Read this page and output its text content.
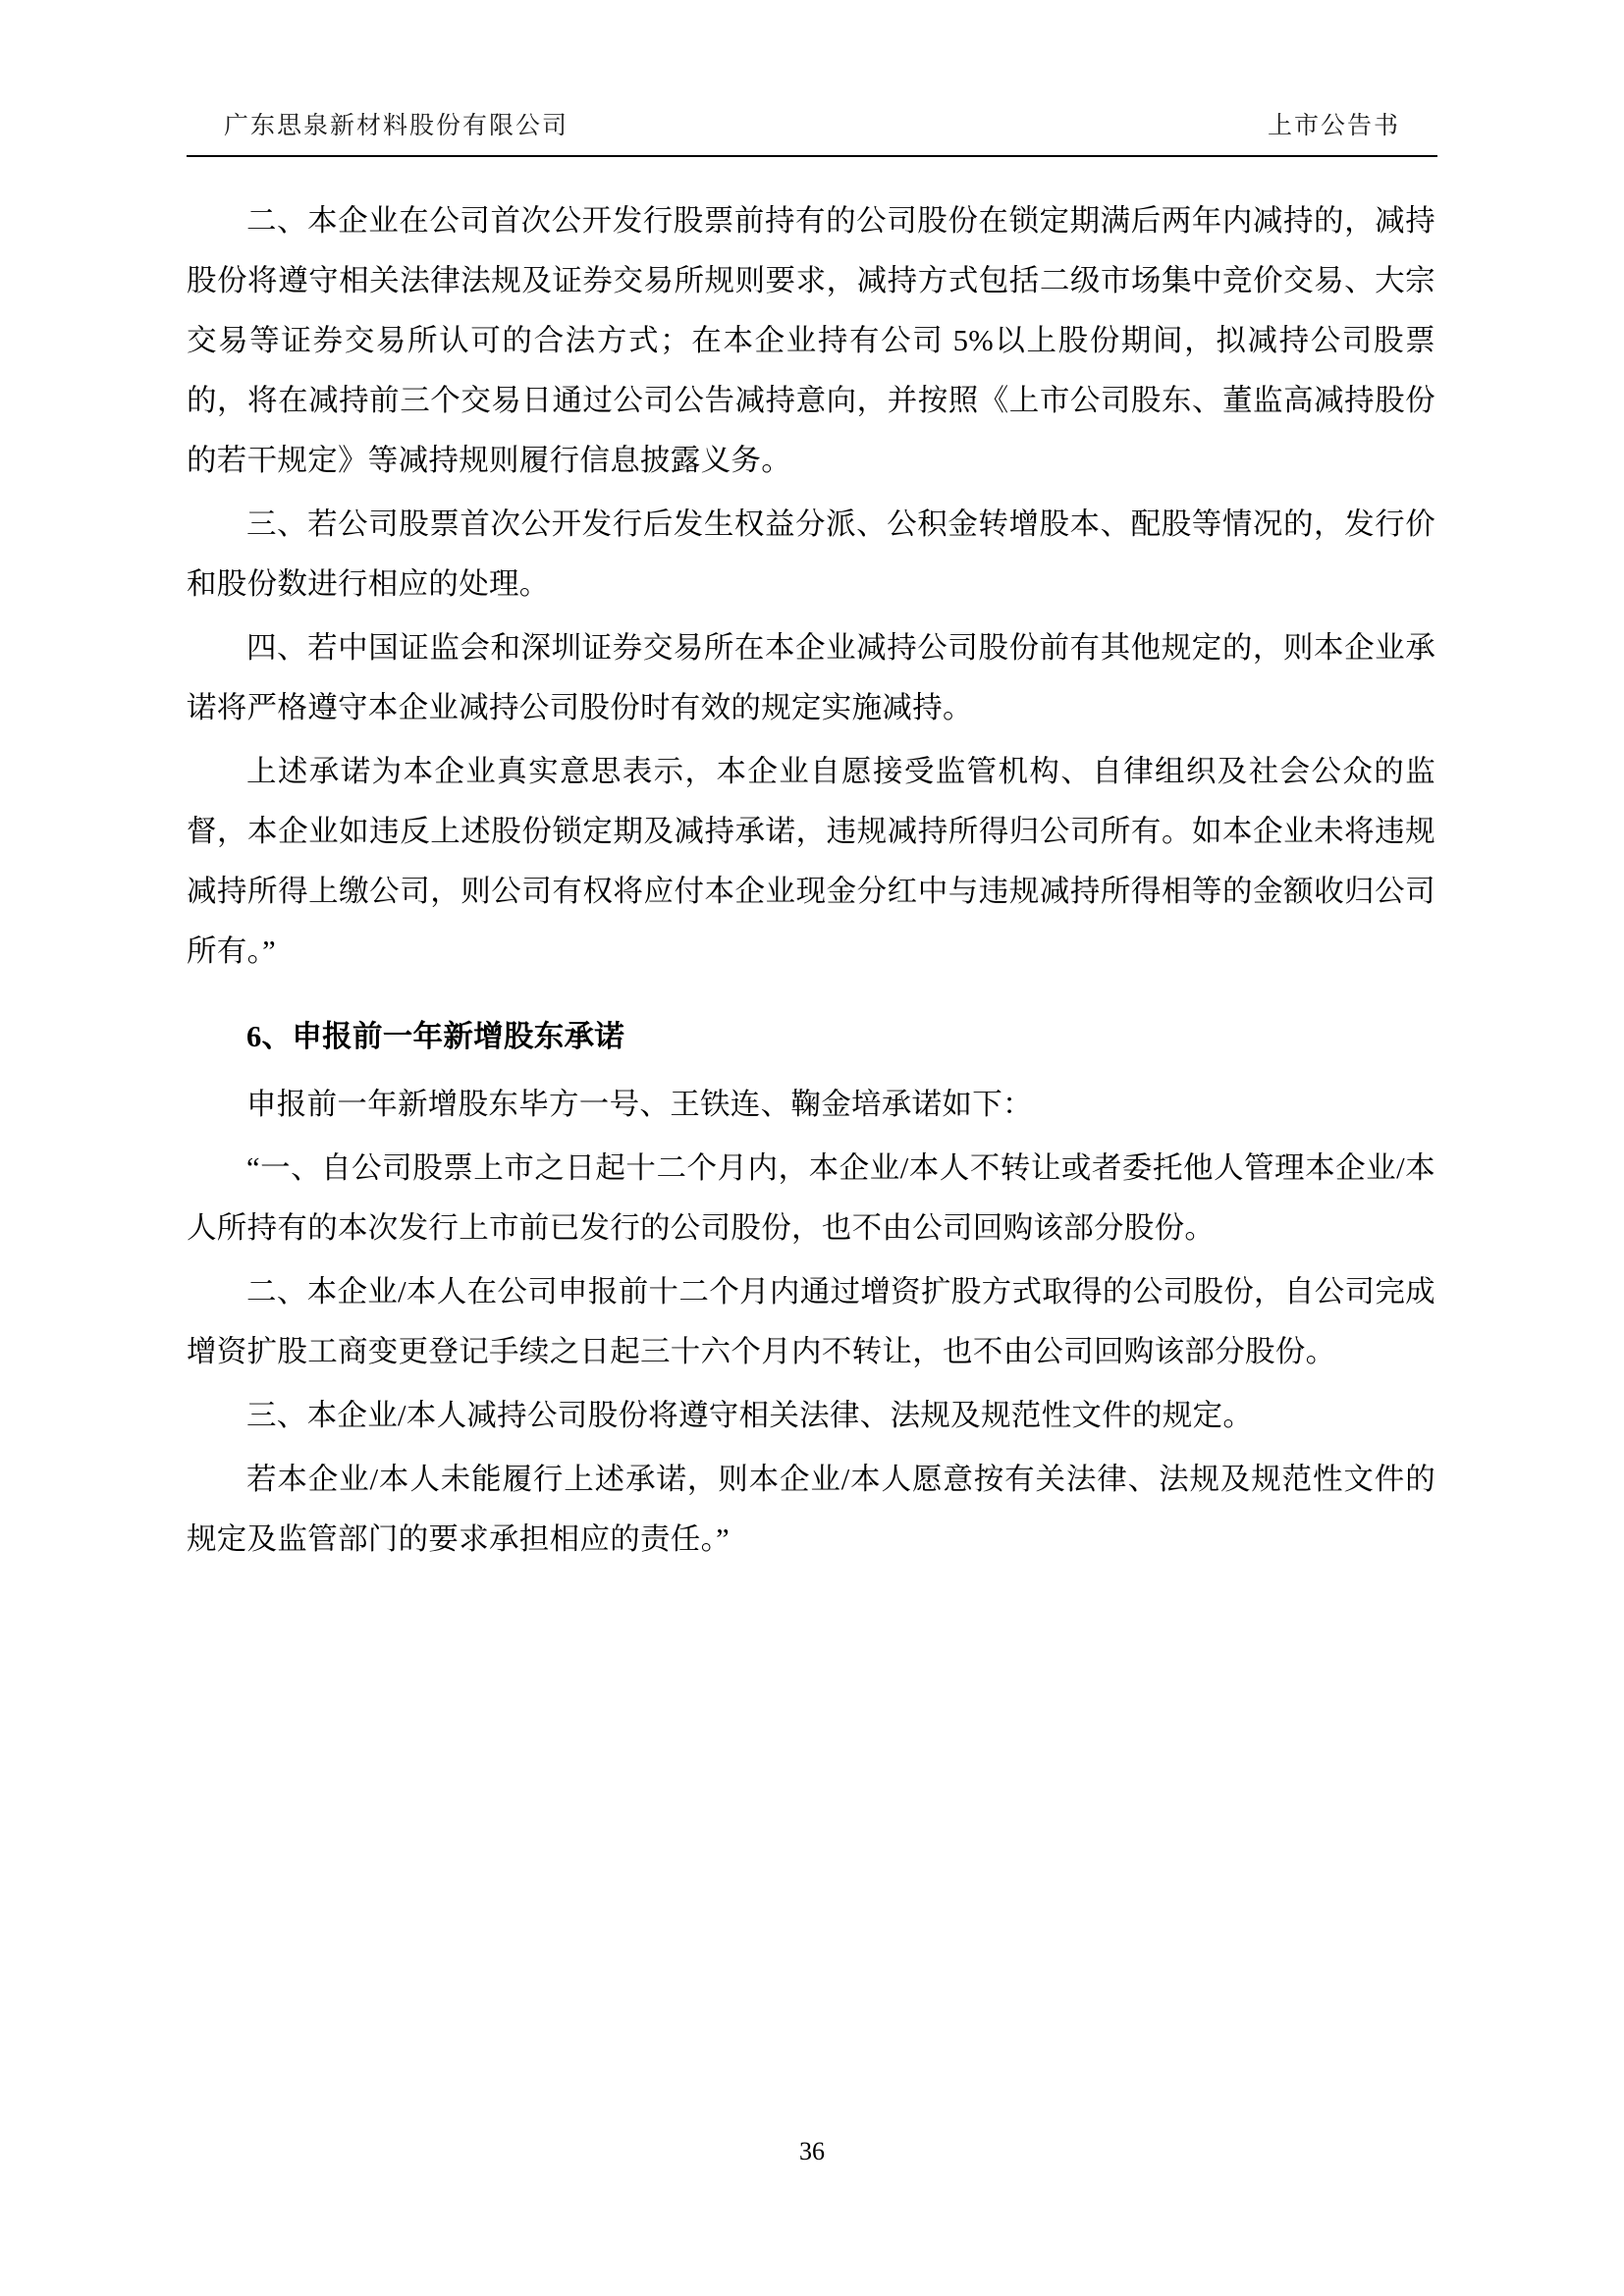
广东思泉新材料股份有限公司	上市公告书

二、本企业在公司首次公开发行股票前持有的公司股份在锁定期满后两年内减持的，减持股份将遵守相关法律法规及证券交易所规则要求，减持方式包括二级市场集中竞价交易、大宗交易等证券交易所认可的合法方式；在本企业持有公司 5%以上股份期间，拟减持公司股票的，将在减持前三个交易日通过公司公告减持意向，并按照《上市公司股东、董监高减持股份的若干规定》等减持规则履行信息披露义务。

三、若公司股票首次公开发行后发生权益分派、公积金转增股本、配股等情况的，发行价和股份数进行相应的处理。

四、若中国证监会和深圳证券交易所在本企业减持公司股份前有其他规定的，则本企业承诺将严格遵守本企业减持公司股份时有效的规定实施减持。

上述承诺为本企业真实意思表示，本企业自愿接受监管机构、自律组织及社会公众的监督，本企业如违反上述股份锁定期及减持承诺，违规减持所得归公司所有。如本企业未将违规减持所得上缴公司，则公司有权将应付本企业现金分红中与违规减持所得相等的金额收归公司所有。”

6、申报前一年新增股东承诺

申报前一年新增股东毕方一号、王铁连、鞠金培承诺如下：

“一、自公司股票上市之日起十二个月内，本企业/本人不转让或者委托他人管理本企业/本人所持有的本次发行上市前已发行的公司股份，也不由公司回购该部分股份。

二、本企业/本人在公司申报前十二个月内通过增资扩股方式取得的公司股份，自公司完成增资扩股工商变更登记手续之日起三十六个月内不转让，也不由公司回购该部分股份。

三、本企业/本人减持公司股份将遵守相关法律、法规及规范性文件的规定。

若本企业/本人未能履行上述承诺，则本企业/本人愿意按有关法律、法规及规范性文件的规定及监管部门的要求承担相应的责任。”

36
